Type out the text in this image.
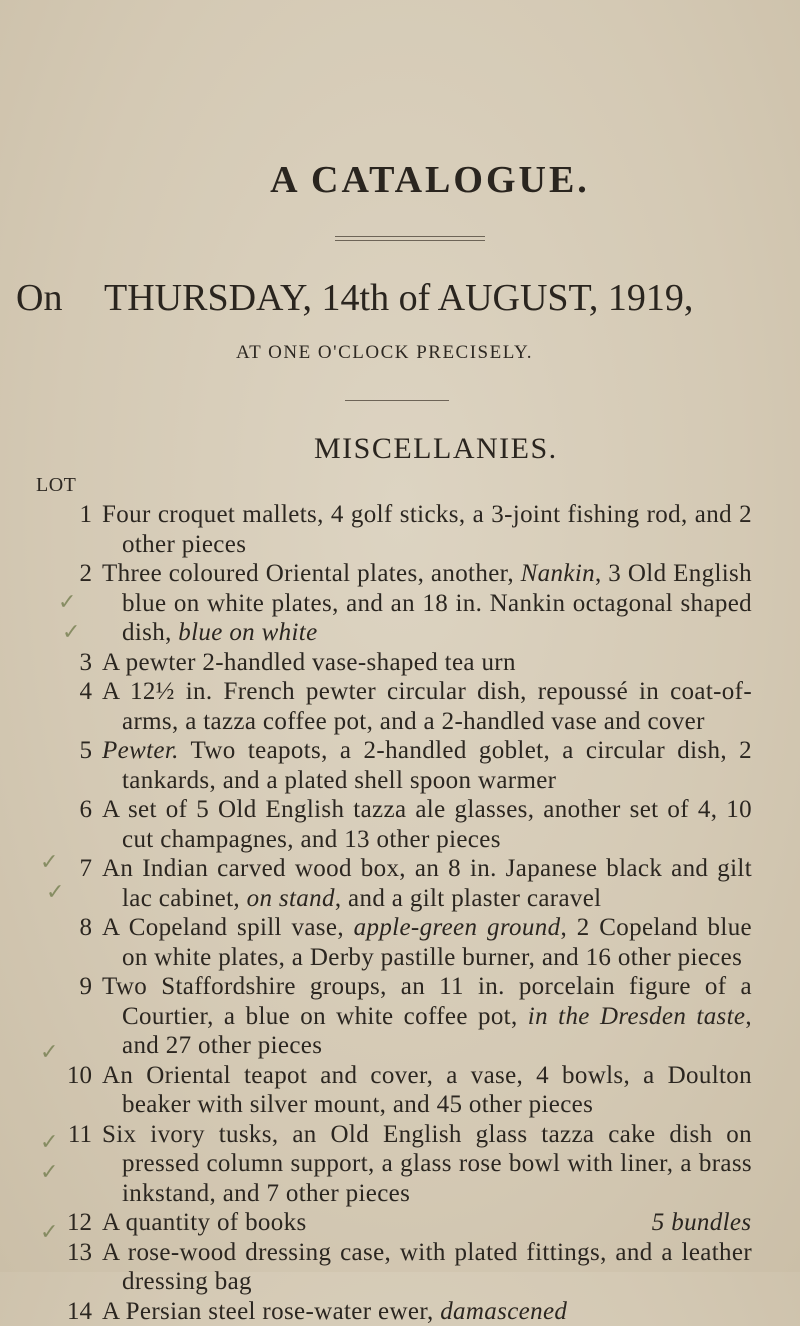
A CATALOGUE.
On THURSDAY, 14th of AUGUST, 1919,
AT ONE O'CLOCK PRECISELY.
MISCELLANIES.
LOT
1 Four croquet mallets, 4 golf sticks, a 3-joint fishing rod, and 2 other pieces
2 Three coloured Oriental plates, another, Nankin, 3 Old English blue on white plates, and an 18 in. Nankin octagonal shaped dish, blue on white
3 A pewter 2-handled vase-shaped tea urn
4 A 12½ in. French pewter circular dish, repoussé in coat-of-arms, a tazza coffee pot, and a 2-handled vase and cover
5 Pewter. Two teapots, a 2-handled goblet, a circular dish, 2 tankards, and a plated shell spoon warmer
6 A set of 5 Old English tazza ale glasses, another set of 4, 10 cut champagnes, and 13 other pieces
7 An Indian carved wood box, an 8 in. Japanese black and gilt lac cabinet, on stand, and a gilt plaster caravel
8 A Copeland spill vase, apple-green ground, 2 Copeland blue on white plates, a Derby pastille burner, and 16 other pieces
9 Two Staffordshire groups, an 11 in. porcelain figure of a Courtier, a blue on white coffee pot, in the Dresden taste, and 27 other pieces
10 An Oriental teapot and cover, a vase, 4 bowls, a Doulton beaker with silver mount, and 45 other pieces
11 Six ivory tusks, an Old English glass tazza cake dish on pressed column support, a glass rose bowl with liner, a brass inkstand, and 7 other pieces
12 A quantity of books	5 bundles
13 A rose-wood dressing case, with plated fittings, and a leather dressing bag
14 A Persian steel rose-water ewer, damascened
✓
✓
✓
✓
✓
✓
✓
✓
